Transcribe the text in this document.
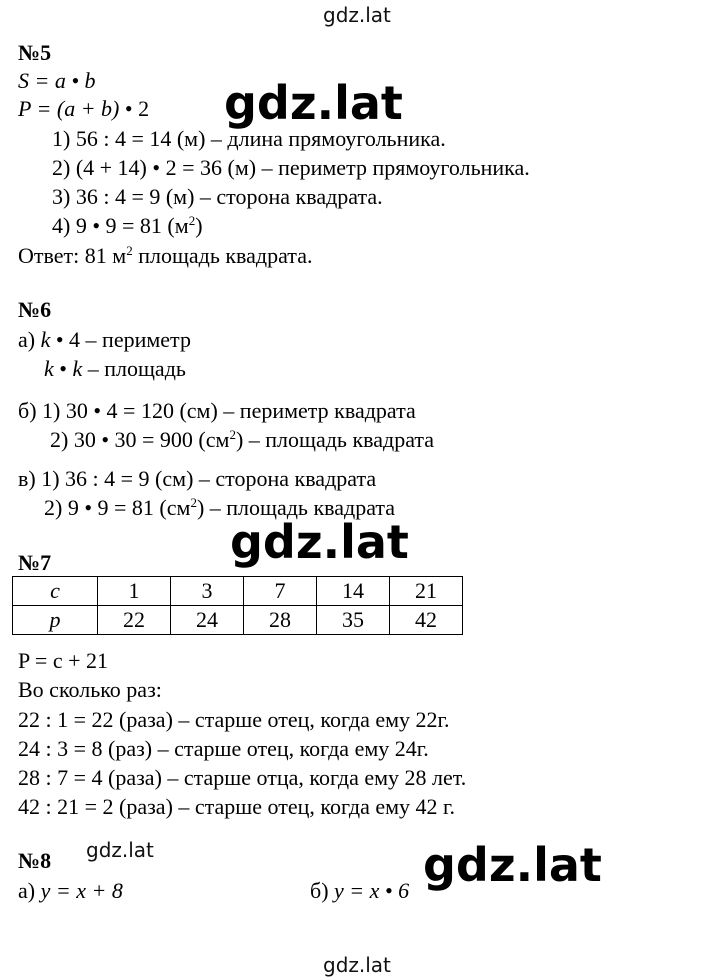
gdz.lat
gdz.lat
gdz.lat
gdz.lat	gdz.lat
gdz.lat
№5
S = a • b
P = (a + b) • 2
1) 56 : 4 = 14 (м) – длина прямоугольника.
2) (4 + 14) • 2 = 36 (м) – периметр прямоугольника.
3) 36 : 4 = 9 (м) – сторона квадрата.
4) 9 • 9 = 81 $(м^2)$
Ответ: 81 $м^2$ площадь квадрата.
№6
а) k • 4 – периметр
k • k – площадь
б) 1) 30 • 4 = 120 (см) – периметр квадрата
2) 30 • 30 = 900 $(см^2)$ – площадь квадрата
в) 1) 36 : 4 = 9 (см) – сторона квадрата
2) 9 • 9 = 81 $(см^2)$ – площадь квадрата
№7
c	1	3	7	14	21
p	22	24	28	35	42
P = c + 21
Во сколько раз:
22 : 1 = 22 (раза) – старше отец, когда ему 22г.
24 : 3 = 8 (раз) – старше отец, когда ему 24г.
28 : 7 = 4 (раза) – старше отца, когда ему 28 лет.
42 : 21 = 2 (раза) – старше отец, когда ему 42 г.
№8
а) y = x + 8	б) y = x • 6
